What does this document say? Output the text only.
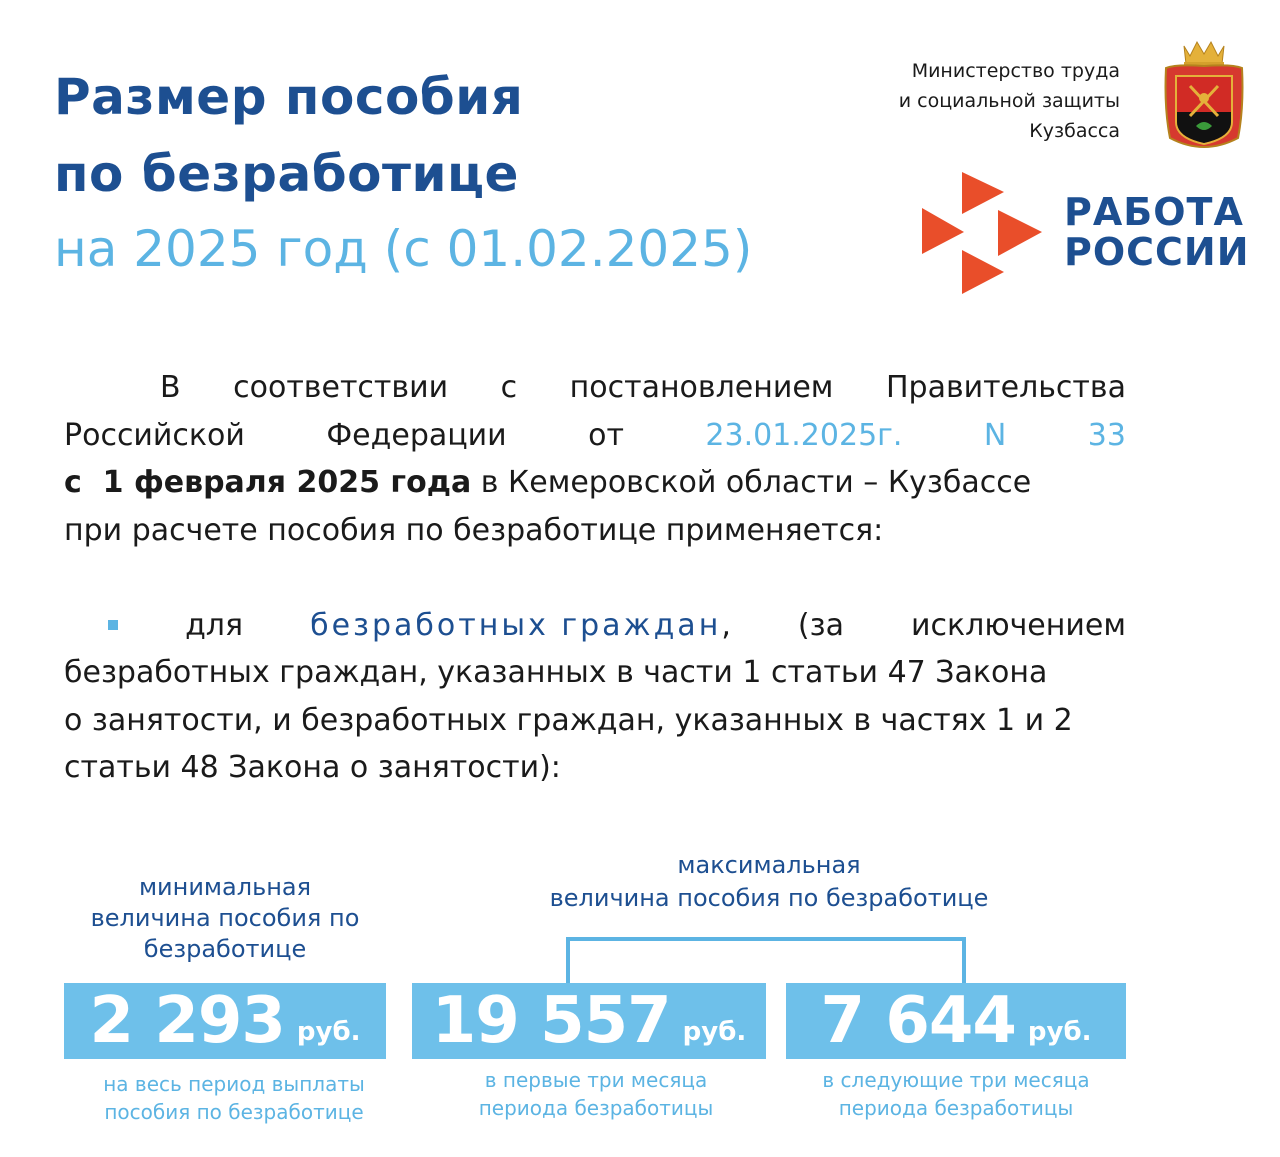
Размер пособия
по безработице
на 2025 год (с 01.02.2025)
Министерство труда
и социальной защиты
Кузбасса
РАБОТА
РОССИИ
В соответствии с постановлением Правительства
Российской	Федерации	от	23.01.2025г.	N	33
с  1 февраля 2025 года в Кемеровской области – Кузбассе
при расчете пособия по безработице применяется:
для безработных граждан, (за исключением
безработных граждан, указанных в части 1 статьи 47 Закона
о занятости, и безработных граждан, указанных в частях 1 и 2
статьи 48 Закона о занятости):
минимальная
величина пособия по
безработице
максимальная
величина пособия по безработице
2 293 руб. 19 557 руб. 7 644 руб.
на весь период выплаты
пособия по безработице
в первые три месяца
периода безработицы
в следующие три месяца
периода безработицы
